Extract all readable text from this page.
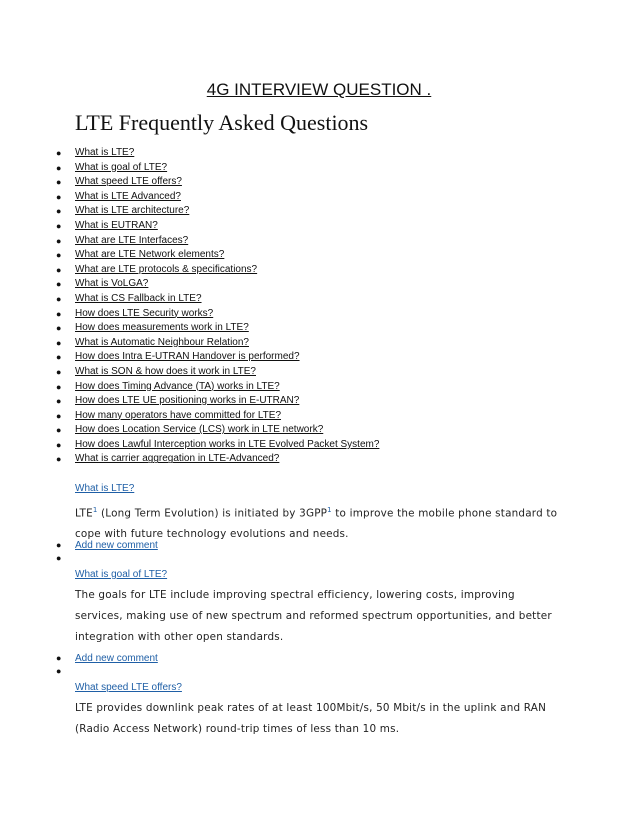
4G INTERVIEW QUESTION .
LTE Frequently Asked Questions
● What is LTE?
● What is goal of LTE?
● What speed LTE offers?
● What is LTE Advanced?
● What is LTE architecture?
● What is EUTRAN?
● What are LTE Interfaces?
● What are LTE Network elements?
● What are LTE protocols & specifications?
● What is VoLGA?
● What is CS Fallback in LTE?
● How does LTE Security works?
● How does measurements work in LTE?
● What is Automatic Neighbour Relation?
● How does Intra E-UTRAN Handover is performed?
● What is SON & how does it work in LTE?
● How does Timing Advance (TA) works in LTE?
● How does LTE UE positioning works in E-UTRAN?
● How many operators have committed for LTE?
● How does Location Service (LCS) work in LTE network?
● How does Lawful Interception works in LTE Evolved Packet System?
● What is carrier aggregation in LTE-Advanced?
What is LTE?
LTE$^1$ (Long Term Evolution) is initiated by 3GPP$^1$ to improve the mobile phone standard to cope with future technology evolutions and needs.
● Add new comment
●
What is goal of LTE?
The goals for LTE include improving spectral efficiency, lowering costs, improving services, making use of new spectrum and reformed spectrum opportunities, and better integration with other open standards.
● Add new comment
●
What speed LTE offers?
LTE provides downlink peak rates of at least 100Mbit/s, 50 Mbit/s in the uplink and RAN (Radio Access Network) round-trip times of less than 10 ms.
